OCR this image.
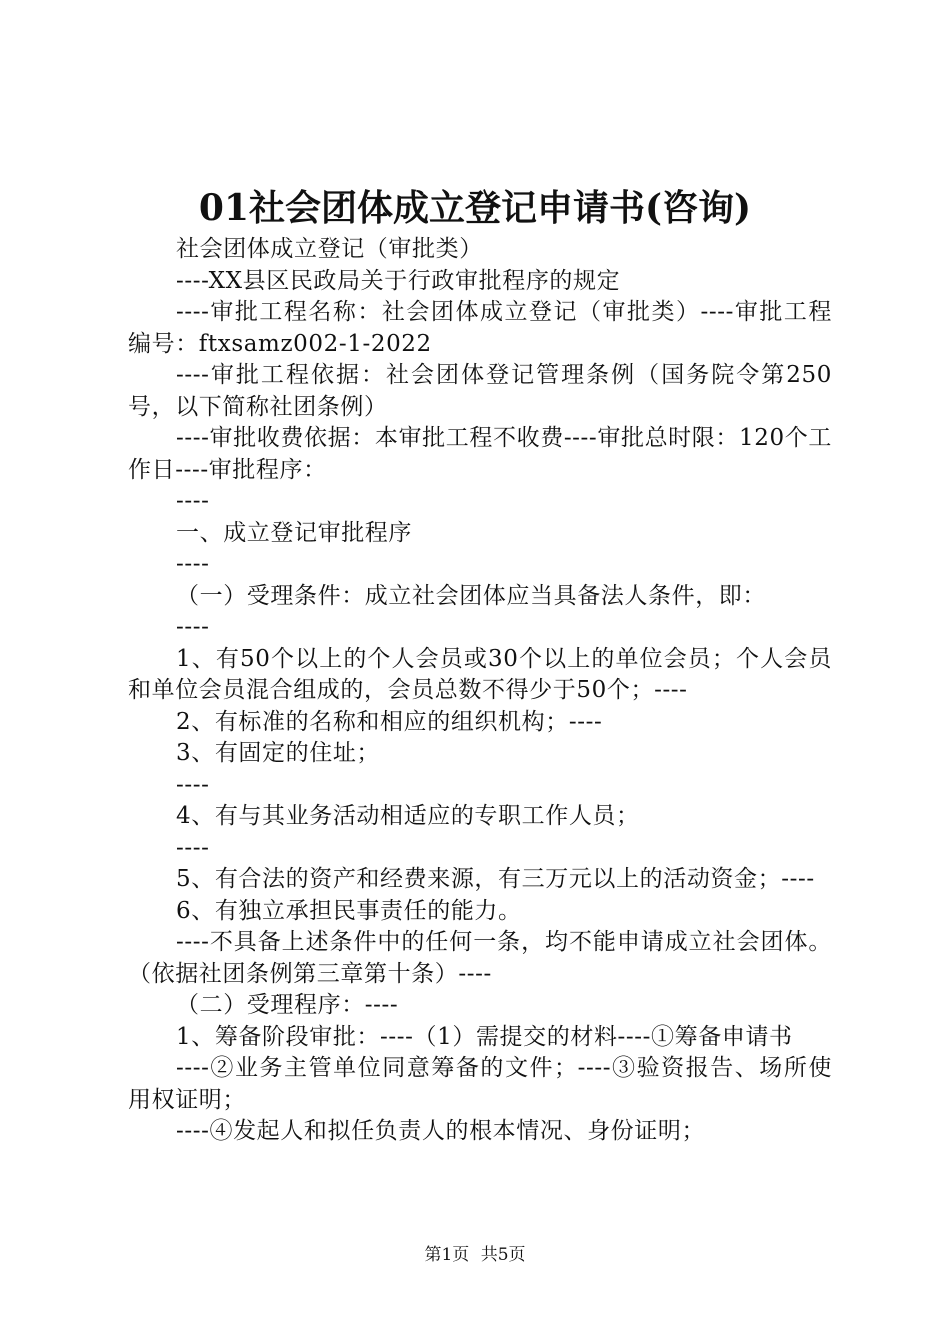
01社会团体成立登记申请书(咨询)

社会团体成立登记（审批类）

----XX县区民政局关于行政审批程序的规定

----审批工程名称：社会团体成立登记（审批类）----审批工程编号：ftxsamz002-1-2022

----审批工程依据：社会团体登记管理条例（国务院令第250号，以下简称社团条例）

----审批收费依据：本审批工程不收费----审批总时限：120个工作日----审批程序：

----

一、成立登记审批程序

----

（一）受理条件：成立社会团体应当具备法人条件，即：

----

1、有50个以上的个人会员或30个以上的单位会员；个人会员和单位会员混合组成的，会员总数不得少于50个；----

2、有标准的名称和相应的组织机构；----

3、有固定的住址；

----

4、有与其业务活动相适应的专职工作人员；

----

5、有合法的资产和经费来源，有三万元以上的活动资金；----

6、有独立承担民事责任的能力。

----不具备上述条件中的任何一条，均不能申请成立社会团体。（依据社团条例第三章第十条）----

（二）受理程序：----

1、筹备阶段审批：----（1）需提交的材料----①筹备申请书

----②业务主管单位同意筹备的文件；----③验资报告、场所使用权证明；

----④发起人和拟任负责人的根本情况、身份证明；

第1页 共5页
